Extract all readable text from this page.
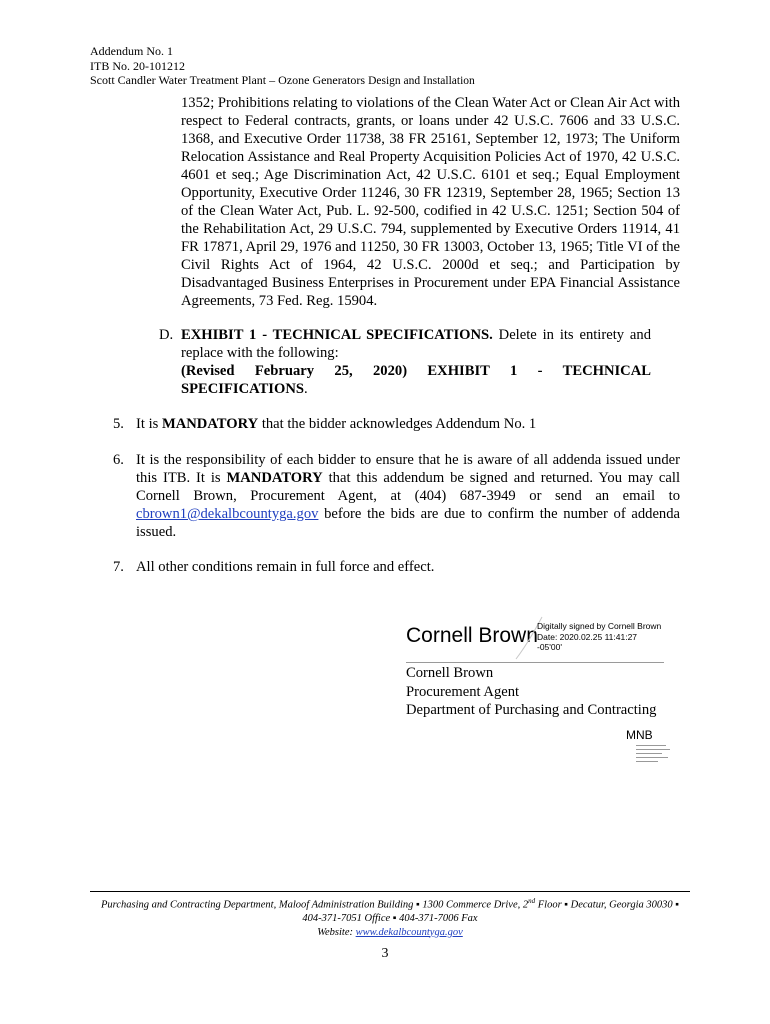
Addendum No. 1
ITB No. 20-101212
Scott Candler Water Treatment Plant – Ozone Generators Design and Installation
1352; Prohibitions relating to violations of the Clean Water Act or Clean Air Act with respect to Federal contracts, grants, or loans under 42 U.S.C. 7606 and 33 U.S.C. 1368, and Executive Order 11738, 38 FR 25161, September 12, 1973; The Uniform Relocation Assistance and Real Property Acquisition Policies Act of 1970, 42 U.S.C. 4601 et seq.; Age Discrimination Act, 42 U.S.C. 6101 et seq.; Equal Employment Opportunity, Executive Order 11246, 30 FR 12319, September 28, 1965; Section 13 of the Clean Water Act, Pub. L. 92-500, codified in 42 U.S.C. 1251; Section 504 of the Rehabilitation Act, 29 U.S.C. 794, supplemented by Executive Orders 11914, 41 FR 17871, April 29, 1976 and 11250, 30 FR 13003, October 13, 1965; Title VI of the Civil Rights Act of 1964, 42 U.S.C. 2000d et seq.; and Participation by Disadvantaged Business Enterprises in Procurement under EPA Financial Assistance Agreements, 73 Fed. Reg. 15904.
D. EXHIBIT 1 - TECHNICAL SPECIFICATIONS. Delete in its entirety and replace with the following:
(Revised February 25, 2020) EXHIBIT 1 - TECHNICAL SPECIFICATIONS.
5. It is MANDATORY that the bidder acknowledges Addendum No. 1
6. It is the responsibility of each bidder to ensure that he is aware of all addenda issued under this ITB. It is MANDATORY that this addendum be signed and returned. You may call Cornell Brown, Procurement Agent, at (404) 687-3949 or send an email to cbrown1@dekalbcountyga.gov before the bids are due to confirm the number of addenda issued.
7. All other conditions remain in full force and effect.
Cornell Brown Digitally signed by Cornell Brown
Date: 2020.02.25 11:41:27
-05'00'
Cornell Brown
Procurement Agent
Department of Purchasing and Contracting
MNB
Purchasing and Contracting Department, Maloof Administration Building ▪ 1300 Commerce Drive, 2nd Floor ▪ Decatur, Georgia 30030 ▪
404-371-7051 Office ▪ 404-371-7006 Fax
Website: www.dekalbcountyga.gov
3
